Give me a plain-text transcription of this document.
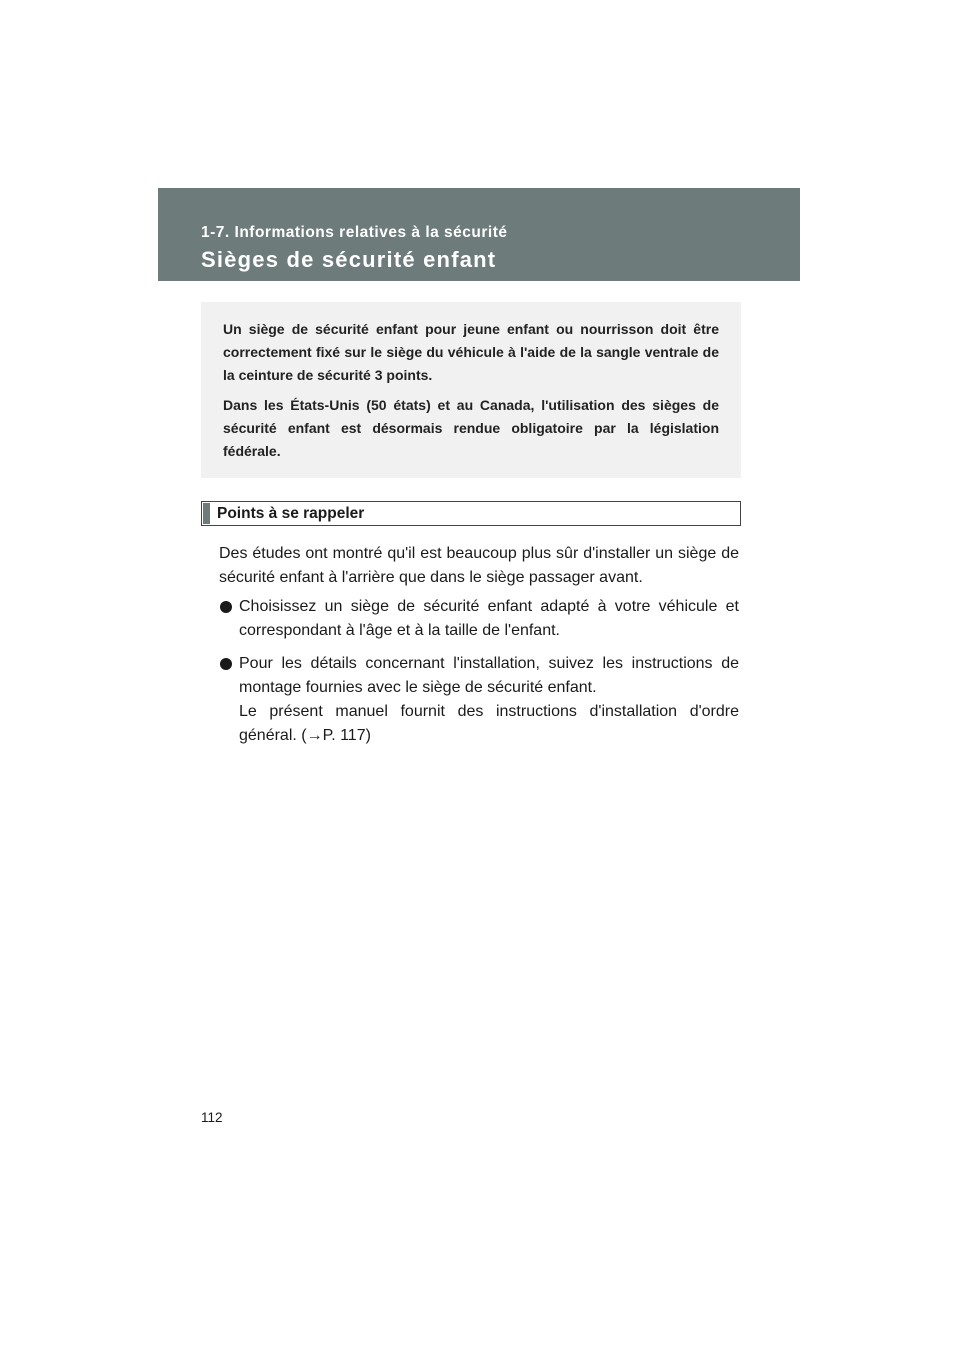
1-7. Informations relatives à la sécurité
Sièges de sécurité enfant

Un siège de sécurité enfant pour jeune enfant ou nourrisson doit être correctement fixé sur le siège du véhicule à l'aide de la sangle ventrale de la ceinture de sécurité 3 points.

Dans les États-Unis (50 états) et au Canada, l'utilisation des sièges de sécurité enfant est désormais rendue obligatoire par la législation fédérale.

Points à se rappeler

Des études ont montré qu'il est beaucoup plus sûr d'installer un siège de sécurité enfant à l'arrière que dans le siège passager avant.

Choisissez un siège de sécurité enfant adapté à votre véhicule et correspondant à l'âge et à la taille de l'enfant.

Pour les détails concernant l'installation, suivez les instructions de montage fournies avec le siège de sécurité enfant.

Le présent manuel fournit des instructions d'installation d'ordre général. (→P. 117)

112
